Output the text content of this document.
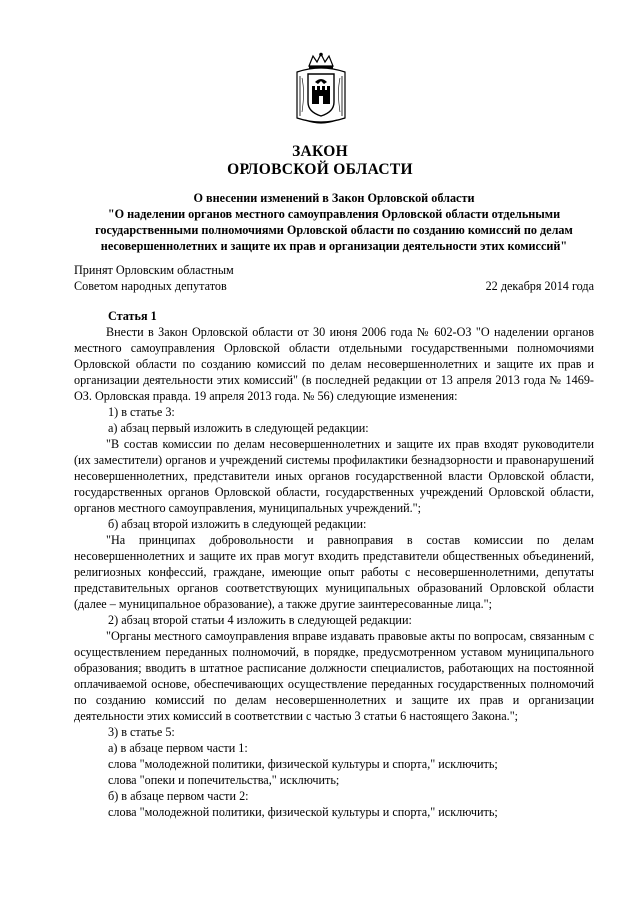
ЗАКОН
ОРЛОВСКОЙ ОБЛАСТИ
О внесении изменений в Закон Орловской области
"О наделении органов местного самоуправления Орловской области отдельными
государственными полномочиями Орловской области по созданию комиссий по делам
несовершеннолетних и защите их прав и организации деятельности этих комиссий"
Принят Орловским областным
Советом народных депутатов	22 декабря 2014 года

Статья 1

Внести в Закон Орловской области от 30 июня 2006 года № 602-ОЗ "О наделении органов местного самоуправления Орловской области отдельными государственными полномочиями Орловской области по созданию комиссий по делам несовершеннолетних и защите их прав и организации деятельности этих комиссий" (в последней редакции от 13 апреля 2013 года № 1469-ОЗ. Орловская правда. 19 апреля 2013 года. № 56) следующие изменения:

1) в статье 3:

а) абзац первый изложить в следующей редакции:

"В состав комиссии по делам несовершеннолетних и защите их прав входят руководители (их заместители) органов и учреждений системы профилактики безнадзорности и правонарушений несовершеннолетних, представители иных органов государственной власти Орловской области, государственных органов Орловской области, государственных учреждений Орловской области, органов местного самоуправления, муниципальных учреждений.";

б) абзац второй изложить в следующей редакции:

"На принципах добровольности и равноправия в состав комиссии по делам несовершеннолетних и защите их прав могут входить представители общественных объединений, религиозных конфессий, граждане, имеющие опыт работы с несовершеннолетними, депутаты представительных органов соответствующих муниципальных образований Орловской области (далее – муниципальное образование), а также другие заинтересованные лица.";

2) абзац второй статьи 4 изложить в следующей редакции:

"Органы местного самоуправления вправе издавать правовые акты по вопросам, связанным с осуществлением переданных полномочий, в порядке, предусмотренном уставом муниципального образования; вводить в штатное расписание должности специалистов, работающих на постоянной оплачиваемой основе, обеспечивающих осуществление переданных государственных полномочий по созданию комиссий по делам несовершеннолетних и защите их прав и организации деятельности этих комиссий в соответствии с частью 3 статьи 6 настоящего Закона.";

3) в статье 5:

а) в абзаце первом части 1:

слова "молодежной политики, физической культуры и спорта," исключить;

слова "опеки и попечительства," исключить;

б) в абзаце первом части 2:

слова "молодежной политики, физической культуры и спорта," исключить;
